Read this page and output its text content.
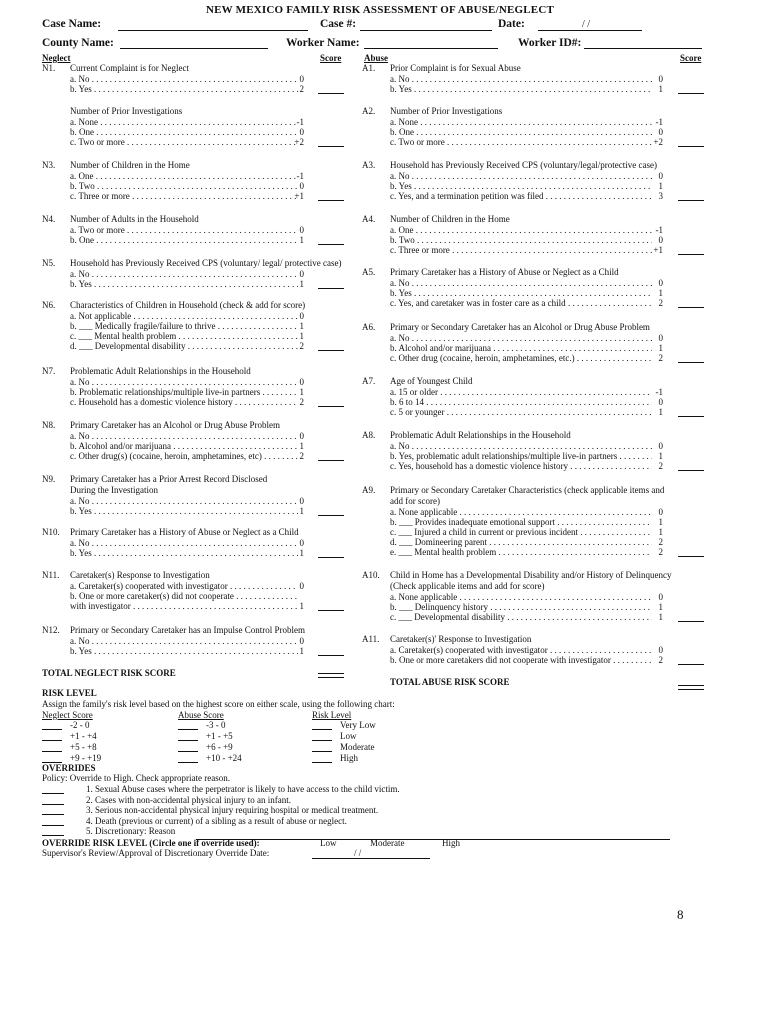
NEW MEXICO FAMILY RISK ASSESSMENT OF ABUSE/NEGLECT
Case Name:	Case #:	Date:	/ /
County Name:	Worker Name:	Worker ID#:
Neglect	Score	Abuse	Score
N1. Current Complaint is for Neglect
a. No . . .	0
b. Yes . . .	2
Number of Prior Investigations
a. None . . .	-1
b. One . . .	0
c. Two or more . . .	+2
N3. Number of Children in the Home
a. One . . .	-1
b. Two . . .	0
c. Three or more . . .	+1
N4. Number of Adults in the Household
a. Two or more . . .	0
b. One . . .	1
N5. Household has Previously Received CPS (voluntary/ legal/ protective case)
a. No . . .	0
b. Yes . . .	1
N6. Characteristics of Children in Household (check & add for score)
a. Not applicable . . .	0
b. ___ Medically fragile/failure to thrive . . .	1
c. ___ Mental health problem . . .	1
d. ___ Developmental disability . . .	2
N7. Problematic Adult Relationships in the Household
a. No . . .	0
b. Problematic relationships/multiple live-in partners . . .	1
c. Household has a domestic violence history . . .	2
N8. Primary Caretaker has an Alcohol or Drug Abuse Problem
a. No . . .	0
b. Alcohol and/or marijuana . . .	1
c. Other drug(s) (cocaine, heroin, amphetamines, etc) . . .	2
N9. Primary Caretaker has a Prior Arrest Record Disclosed
During the Investigation
a. No . . .	0
b. Yes . . .	1
N10. Primary Caretaker has a History of Abuse or Neglect as a Child
a. No . . .	0
b. Yes . . .	1
N11. Caretaker(s) Response to Investigation
a. Caretaker(s) cooperated with investigator . . .	0
b. One or more caretaker(s) did not cooperate . . .
with investigator . . .	1
N12. Primary or Secondary Caretaker has an Impulse Control Problem
a. No . . .	0
b. Yes . . .	1
A1. Prior Complaint is for Sexual Abuse
a. No . . .	0
b. Yes . . .	1
A2. Number of Prior Investigations
a. None . . .	-1
b. One . . .	0
c. Two or more . . .	+2
A3. Household has Previously Received CPS (voluntary/legal/protective case)
a. No . . .	0
b. Yes . . .	1
c. Yes, and a termination petition was filed . . .	3
A4. Number of Children in the Home
a. One . . .	-1
b. Two . . .	0
c. Three or more . . .	+1
A5. Primary Caretaker has a History of Abuse or Neglect as a Child
a. No . . .	0
b. Yes . . .	1
c. Yes, and caretaker was in foster care as a child . . .	2
A6. Primary or Secondary Caretaker has an Alcohol or Drug Abuse Problem
a. No . . .	0
b. Alcohol and/or marijuana . . .	1
c. Other drug (cocaine, heroin, amphetamines, etc.) . . .	2
A7. Age of Youngest Child
a. 15 or older . . .	-1
b. 6 to 14 . . .	0
c. 5 or younger . . .	1
A8. Problematic Adult Relationships in the Household
a. No . . .	0
b. Yes, problematic adult relationships/multiple live-in partners . . .	1
c. Yes, household has a domestic violence history . . .	2
A9. Primary or Secondary Caretaker Characteristics (check applicable items and
add for score)
a. None applicable . . .	0
b. ___ Provides inadequate emotional support . . .	1
c. ___ Injured a child in current or previous incident . . .	1
d. ___ Domineering parent . . .	2
e. ___ Mental health problem . . .	2
A10. Child in Home has a Developmental Disability and/or History of Delinquency
(Check applicable items and add for score)
a. None applicable . . .	0
b. ___ Delinquency history . . .	1
c. ___ Developmental disability . . .	1
A11. Caretaker(s)' Response to Investigation
a. Caretaker(s) cooperated with investigator . . .	0
b. One or more caretakers did not cooperate with investigator . . .	2
TOTAL NEGLECT RISK SCORE
TOTAL ABUSE RISK SCORE
RISK LEVEL
Assign the family's risk level based on the highest score on either scale, using the following chart:
Neglect Score	Abuse Score	Risk Level
-2 - 0	-3 - 0	Very Low
+1 - +4	+1 - +5	Low
+5 - +8	+6 - +9	Moderate
+9 - +19	+10 - +24	High
OVERRIDES
Policy: Override to High. Check appropriate reason.
1. Sexual Abuse cases where the perpetrator is likely to have access to the child victim.
2. Cases with non-accidental physical injury to an infant.
3. Serious non-accidental physical injury requiring hospital or medical treatment.
4. Death (previous or current) of a sibling as a result of abuse or neglect.
5. Discretionary: Reason
OVERRIDE RISK LEVEL (Circle one if override used):	Low	Moderate	High
Supervisor's Review/Approval of Discretionary Override Date:	/ /
8
